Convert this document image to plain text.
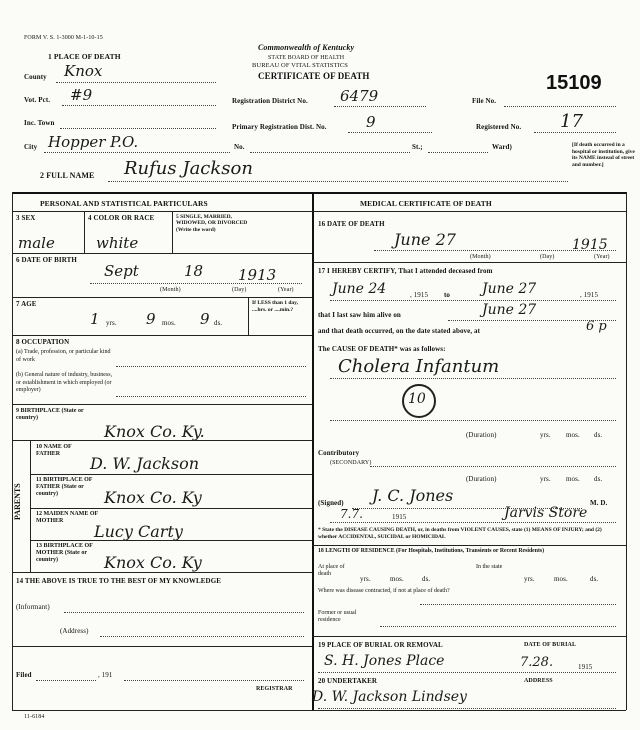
FORM V. S. 1-3000 M-1-10-15
Commonwealth of Kentucky
STATE BOARD OF HEALTH
BUREAU OF VITAL STATISTICS
CERTIFICATE OF DEATH	15109
1 PLACE OF DEATH
County Knox
Vot. Pct. #9
Inc. Town
City Hopper P.O.	No.	St.;	Ward)
Registration District No. 6479	File No.
Primary Registration Dist. No.	9	Registered No. 17
[If death occurred in a hospital or institution, give its NAME instead of street and number.]
2 FULL NAME Rufus Jackson
PERSONAL AND STATISTICAL PARTICULARS	MEDICAL CERTIFICATE OF DEATH
3 SEX
male
4 COLOR OR RACE
white
5 SINGLE, MARRIED, WIDOWED, OR DIVORCED (Write the word)
6 DATE OF BIRTH
Sept	18 1913
(Month)	(Day)	(Year)
7 AGE
1 yrs. 9 mos. 9 ds.
If LESS than 1 day, ....hrs. or ....min.?
8 OCCUPATION
(a) Trade, profession, or particular kind of work
(b) General nature of industry, business, or establishment in which employed (or employer)
9 BIRTHPLACE (State or country)
Knox Co. Ky.
PARENTS
10 NAME OF FATHER	D. W. Jackson
11 BIRTHPLACE OF FATHER (State or country)	Knox Co. Ky
12 MAIDEN NAME OF MOTHER
Lucy Carty
13 BIRTHPLACE OF MOTHER (State or country)	Knox Co. Ky
14 THE ABOVE IS TRUE TO THE BEST OF MY KNOWLEDGE
(Informant)
(Address)
Filed	, 191
REGISTRAR
11-6184
16 DATE OF DEATH
June 27	1915
(Month)	(Day)	(Year)
17 I HEREBY CERTIFY, That I attended deceased from
June 24	, 1915 to June 27	, 1915
that I last saw him alive on	June 27
and that death occurred, on the date stated above, at	6 p
The CAUSE OF DEATH* was as follows:
Cholera Infantum
10
(Duration)	yrs. mos. ds.
Contributory
(SECONDARY)
(Duration)	yrs. mos. ds.
(Signed) J. C. Jones	M. D.
7.7.	1915	Jarvis Store
* State the DISEASE CAUSING DEATH, or, in deaths from VIOLENT CAUSES, state (1) MEANS OF INJURY; and (2) whether ACCIDENTAL, SUICIDAL or HOMICIDAL
18 LENGTH OF RESIDENCE (For Hospitals, Institutions, Transients or Recent Residents)
At place of death
yrs.	mos.	ds.
In the state
yrs.	mos.	ds.
Where was disease contracted, if not at place of death?
Former or usual residence
19 PLACE OF BURIAL OR REMOVAL	DATE OF BURIAL
S. H. Jones Place	7.28.	1915
20 UNDERTAKER	ADDRESS
D. W. Jackson Lindsey
